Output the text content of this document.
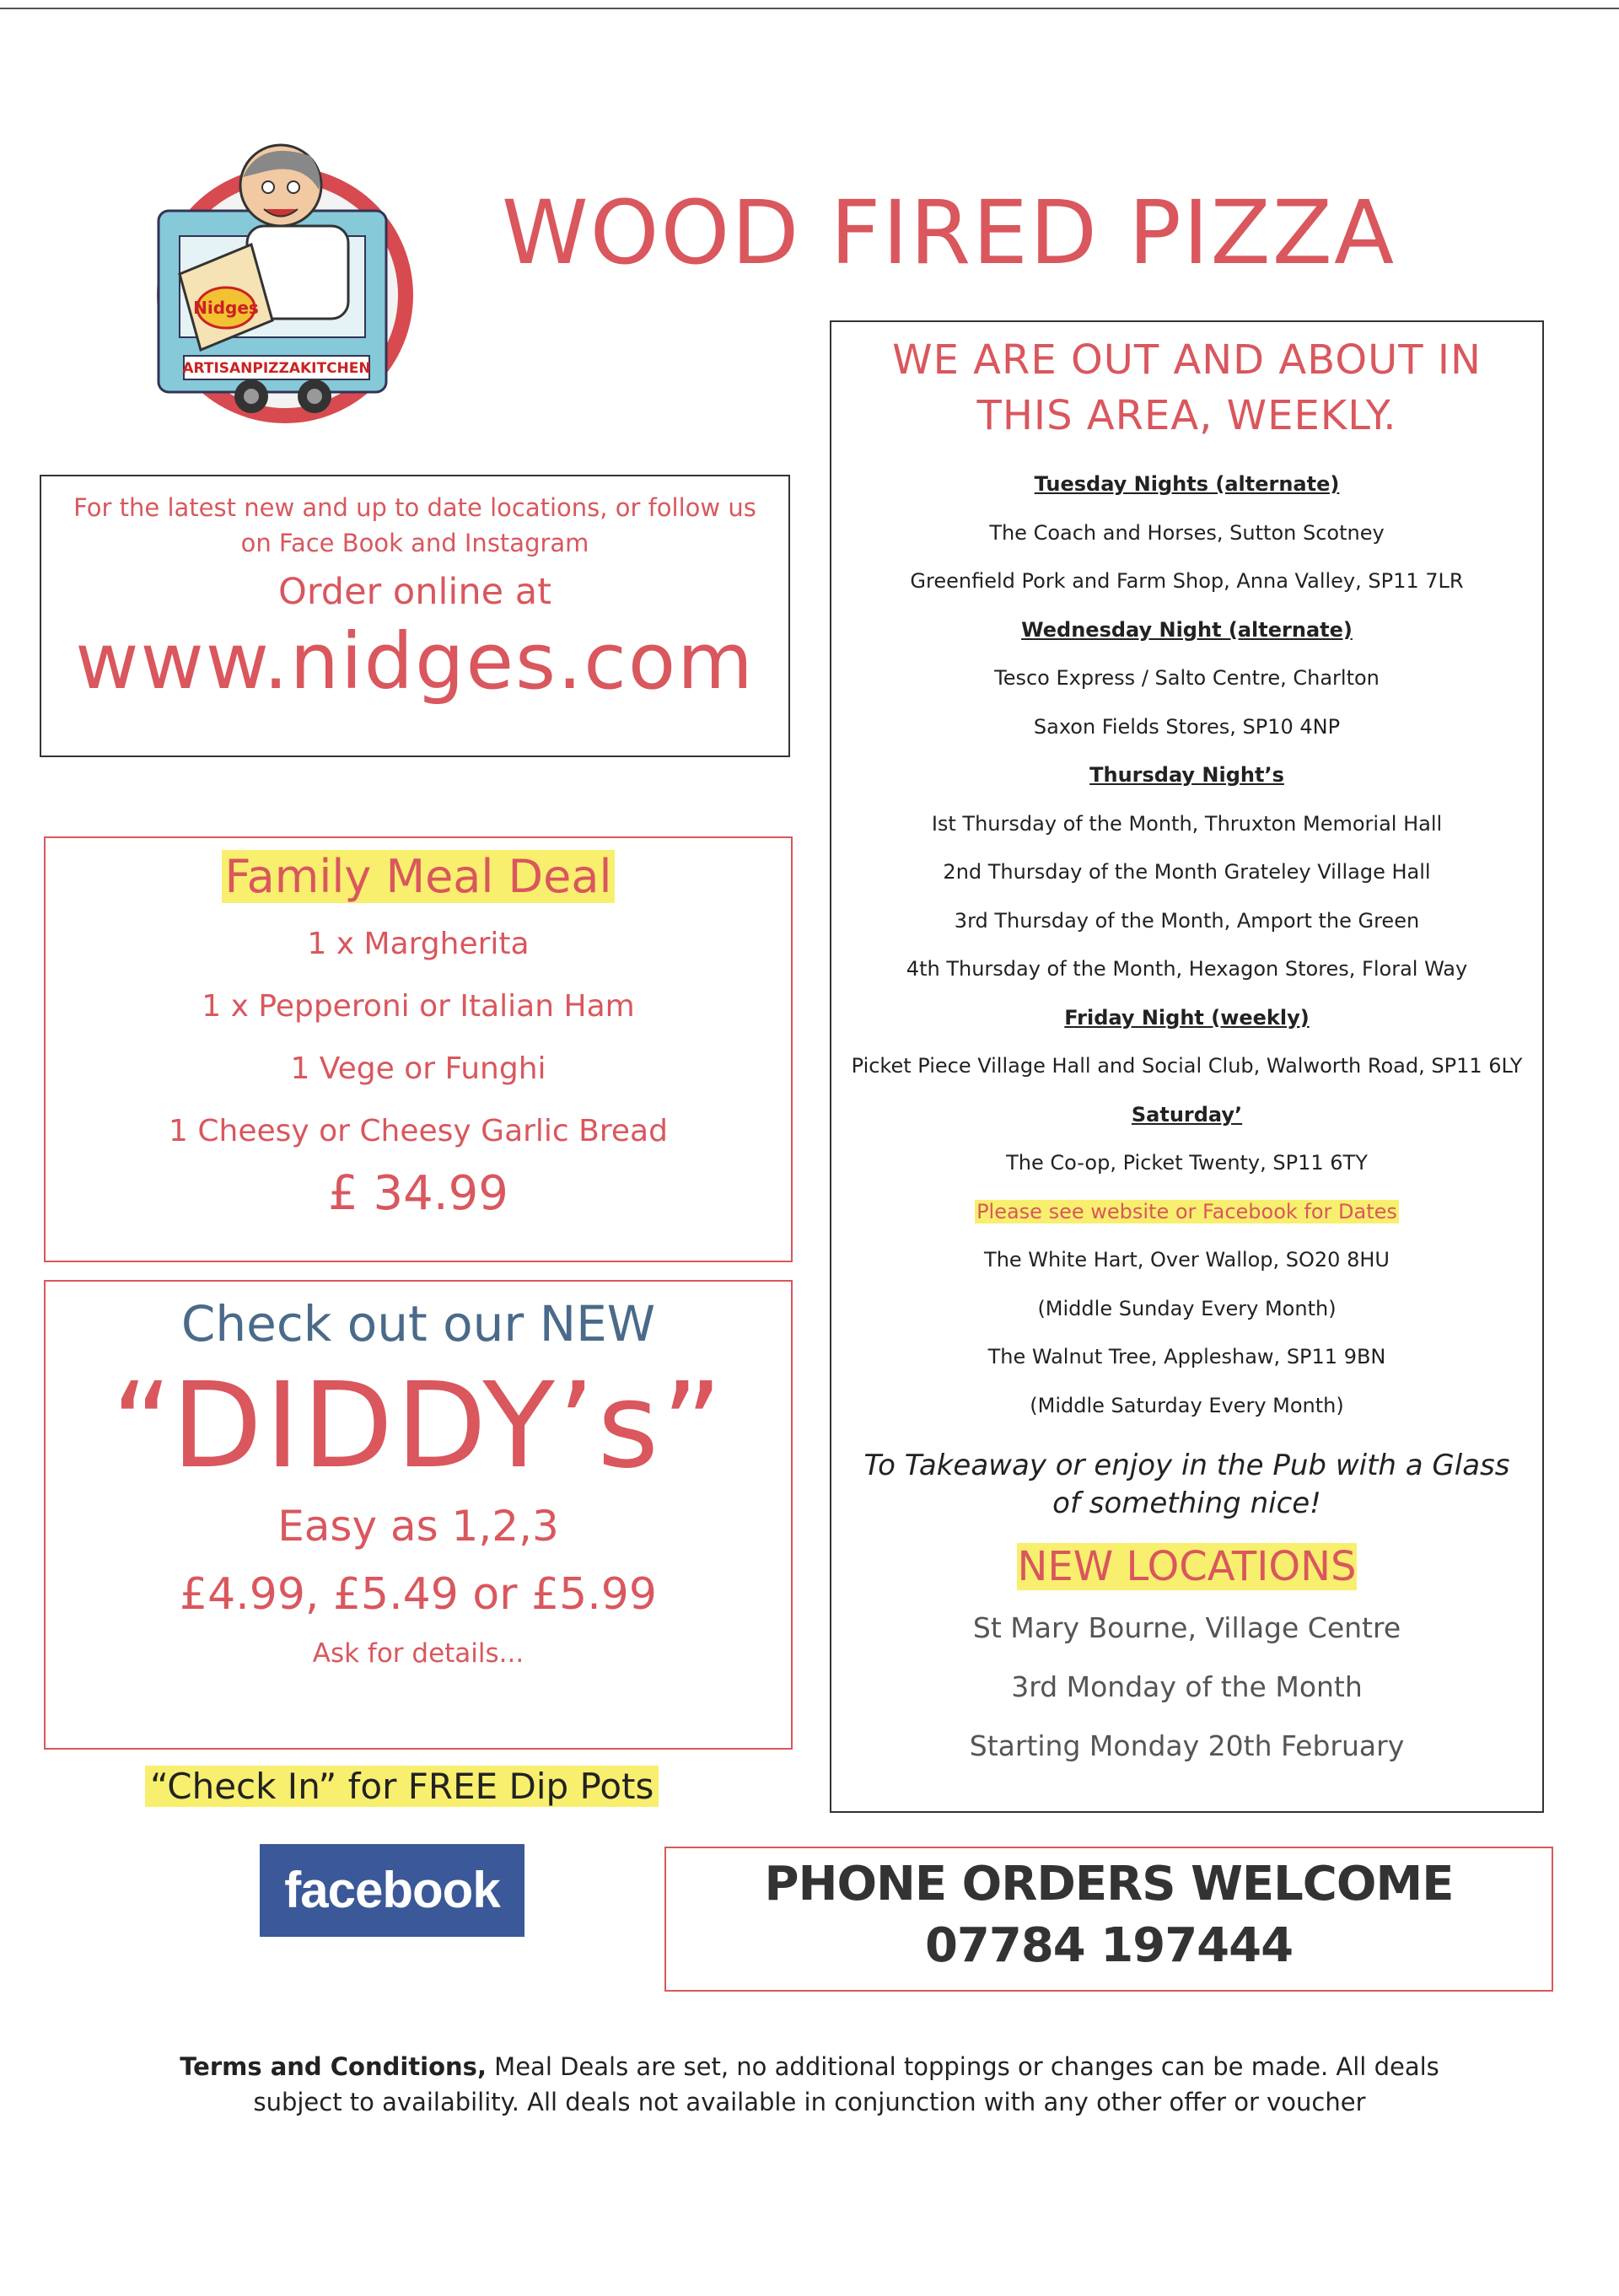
Nidges
ARTISANPIZZAKITCHEN
WOOD FIRED PIZZA
For the latest new and up to date locations, or follow us on Face Book and Instagram
Order online at
www.nidges.com
Family Meal Deal
1 x Margherita
1 x Pepperoni or Italian Ham
1 Vege or Funghi
1 Cheesy or Cheesy Garlic Bread
£ 34.99
Check out our NEW
“DIDDY’s”
Easy as 1,2,3
£4.99, £5.49 or £5.99
Ask for details...
“Check In” for FREE Dip Pots
facebook
WE ARE OUT AND ABOUT IN
THIS AREA, WEEKLY.
Tuesday Nights (alternate)
The Coach and Horses, Sutton Scotney
Greenfield Pork and Farm Shop, Anna Valley, SP11 7LR
Wednesday Night (alternate)
Tesco Express / Salto Centre, Charlton
Saxon Fields Stores, SP10 4NP
Thursday Night’s
Ist Thursday of the Month, Thruxton Memorial Hall
2nd Thursday of the Month Grateley Village Hall
3rd Thursday of the Month, Amport the Green
4th Thursday of the Month, Hexagon Stores, Floral Way
Friday Night (weekly)
Picket Piece Village Hall and Social Club, Walworth Road, SP11 6LY
Saturday’
The Co-op, Picket Twenty, SP11 6TY
Please see website or Facebook for Dates
The White Hart, Over Wallop, SO20 8HU
(Middle Sunday Every Month)
The Walnut Tree, Appleshaw, SP11 9BN
(Middle Saturday Every Month)
To Takeaway or enjoy in the Pub with a Glass of something nice!
NEW LOCATIONS
St Mary Bourne, Village Centre
3rd Monday of the Month
Starting Monday 20th February
PHONE ORDERS WELCOME
07784 197444
Terms and Conditions, Meal Deals are set, no additional toppings or changes can be made. All deals subject to availability. All deals not available in conjunction with any other offer or voucher
